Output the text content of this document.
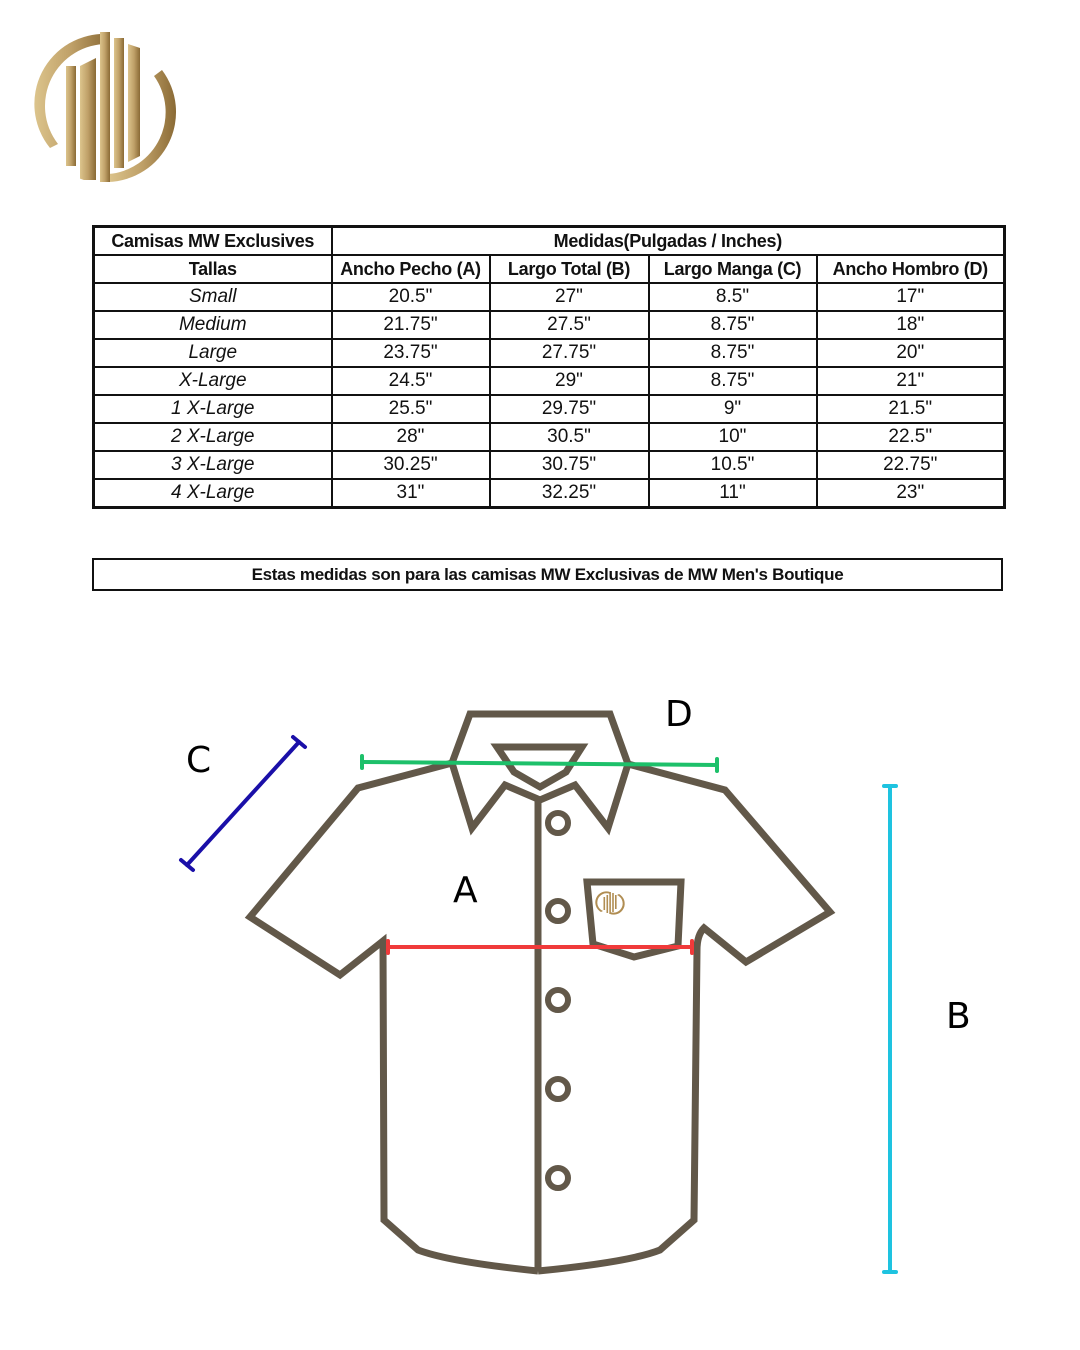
Camisas MW Exclusives	Medidas(Pulgadas / Inches)			
Tallas	Ancho Pecho (A)	Largo Total (B)	Largo Manga (C)	Ancho Hombro (D)
Small	20.5"	27"	8.5"	17"
Medium	21.75"	27.5"	8.75"	18"
Large	23.75"	27.75"	8.75"	20"
X-Large	24.5"	29"	8.75"	21"
1 X-Large	25.5"	29.75"	9"	21.5"
2 X-Large	28"	30.5"	10"	22.5"
3 X-Large	30.25"	30.75"	10.5"	22.75"
4 X-Large	31"	32.25"	11"	23"
Estas medidas son para las camisas MW Exclusivas de MW Men's Boutique
C
D
A
B
